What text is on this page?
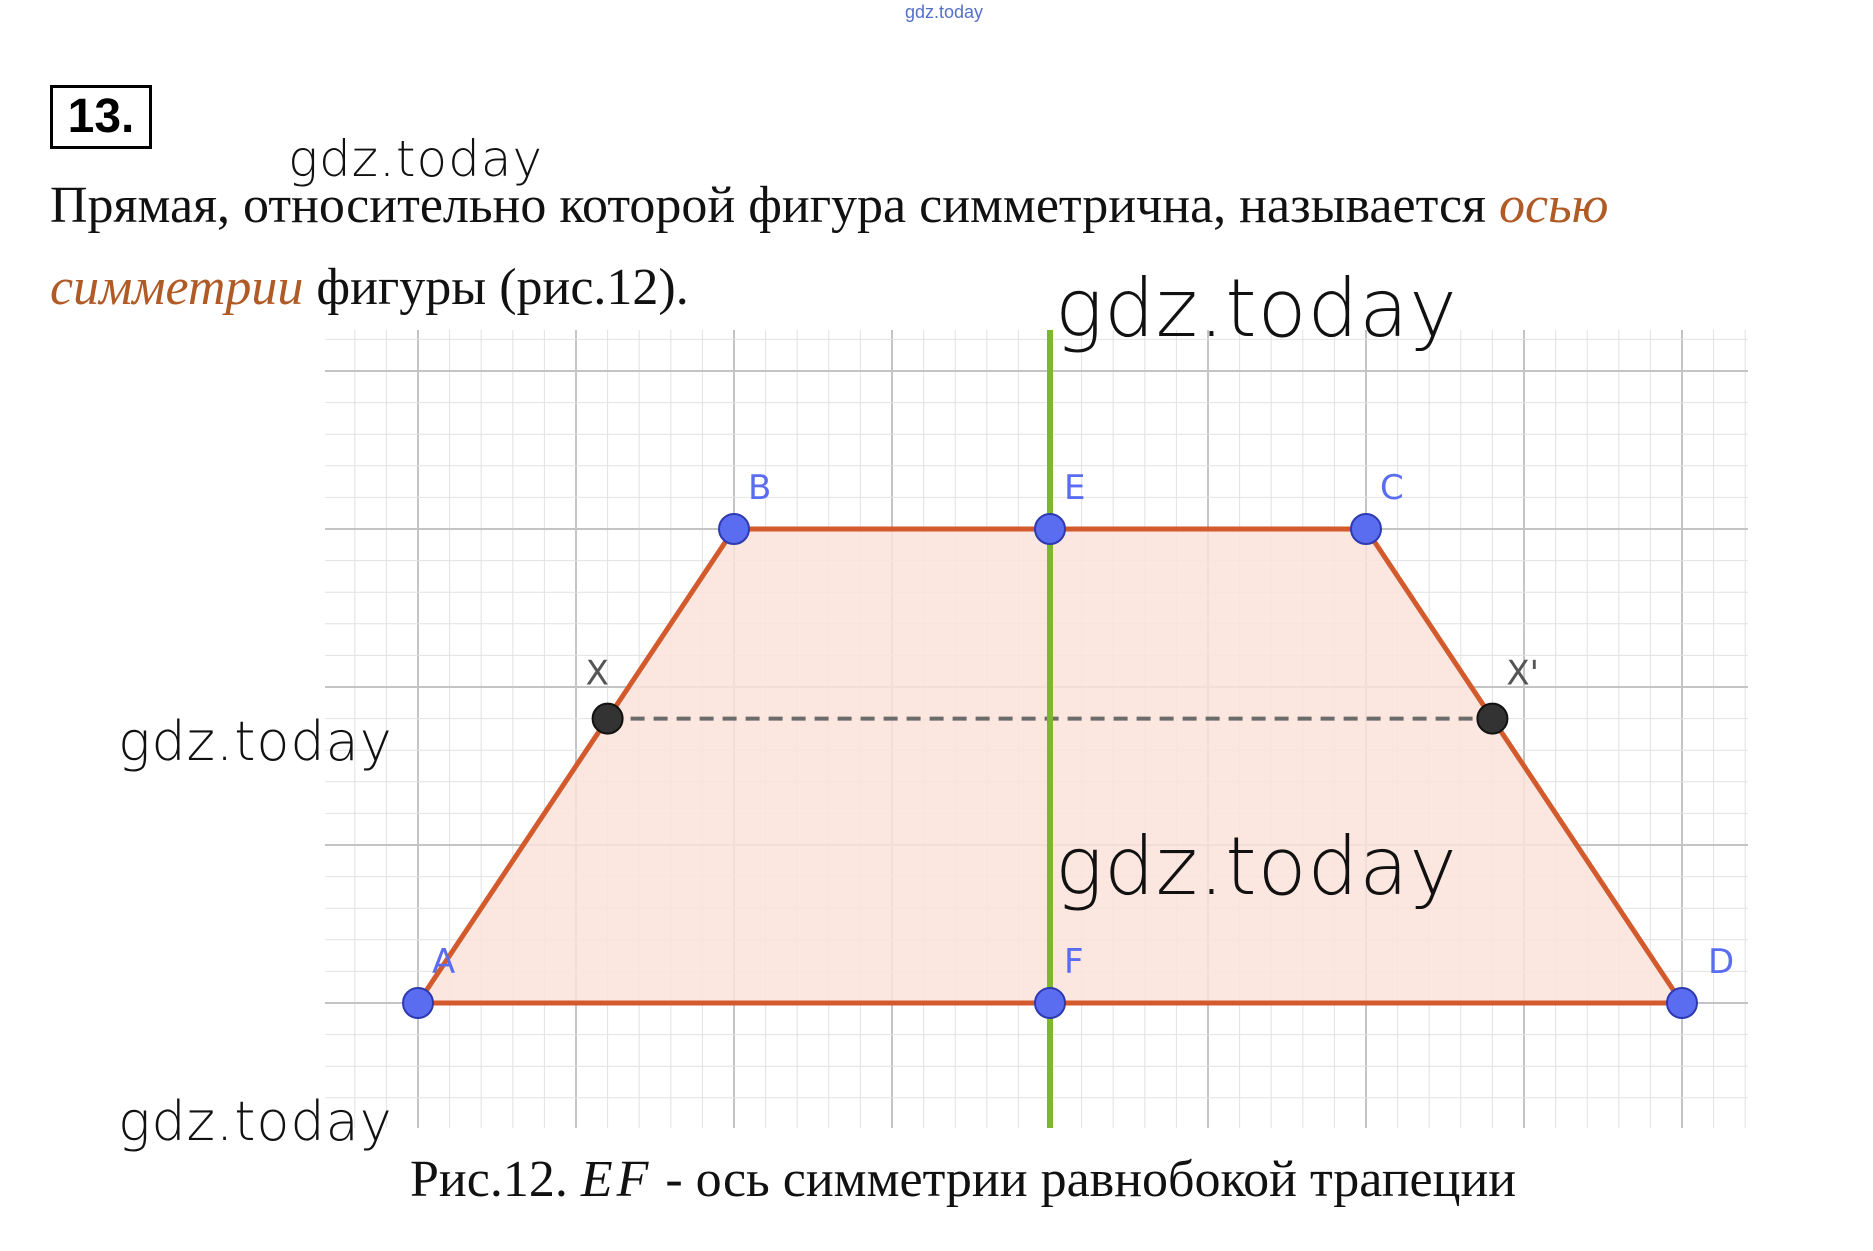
gdz.today
13.
Прямая, относительно которой фигура симметрична, называется осью
симметрии фигуры (рис.12).
A
B	E	C
D
F
X	X'
gdz.today
gdz.today
gdz.today
gdz.today
gdz.today
Рис.12. EF - ось симметрии равнобокой трапеции
